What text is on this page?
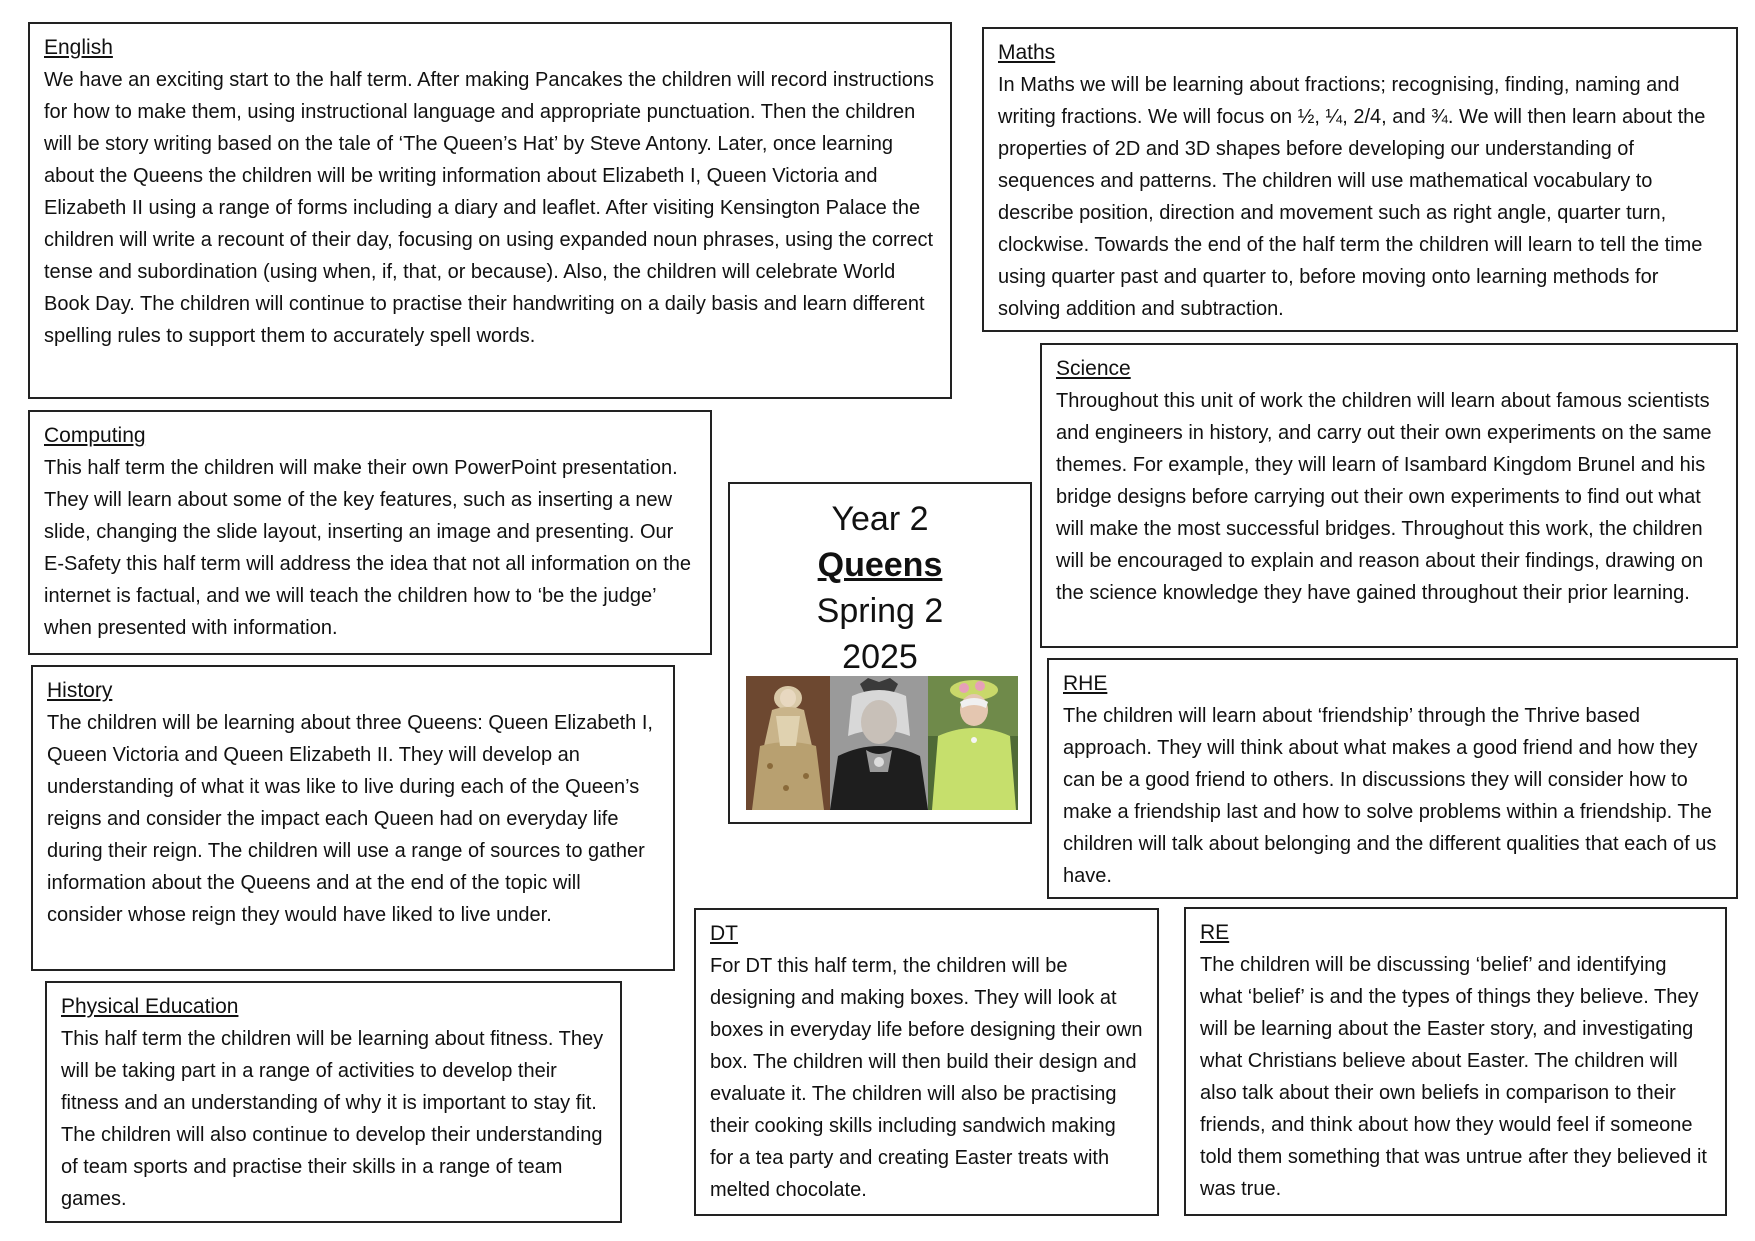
English

We have an exciting start to the half term. After making Pancakes the children will record instructions for how to make them, using instructional language and appropriate punctuation. Then the children will be story writing based on the tale of ‘The Queen’s Hat’ by Steve Antony. Later, once learning about the Queens the children will be writing information about Elizabeth I, Queen Victoria and Elizabeth II using a range of forms including a diary and leaflet. After visiting Kensington Palace the children will write a recount of their day, focusing on using expanded noun phrases, using the correct tense and subordination (using when, if, that, or because). Also, the children will celebrate World Book Day. The children will continue to practise their handwriting on a daily basis and learn different spelling rules to support them to accurately spell words.

Maths

In Maths we will be learning about fractions; recognising, finding, naming and writing fractions. We will focus on ½, ¼, 2/4, and ¾. We will then learn about the properties of 2D and 3D shapes before developing our understanding of sequences and patterns. The children will use mathematical vocabulary to describe position, direction and movement such as right angle, quarter turn, clockwise. Towards the end of the half term the children will learn to tell the time using quarter past and quarter to, before moving onto learning methods for solving addition and subtraction.

Computing

This half term the children will make their own PowerPoint presentation. They will learn about some of the key features, such as inserting a new slide, changing the slide layout, inserting an image and presenting. Our E-Safety this half term will address the idea that not all information on the internet is factual, and we will teach the children how to ‘be the judge’ when presented with information.

Science

Throughout this unit of work the children will learn about famous scientists and engineers in history, and carry out their own experiments on the same themes. For example, they will learn of Isambard Kingdom Brunel and his bridge designs before carrying out their own experiments to find out what will make the most successful bridges. Throughout this work, the children will be encouraged to explain and reason about their findings, drawing on the science knowledge they have gained throughout their prior learning.

Year 2

Queens

Spring 2

2025

History

The children will be learning about three Queens: Queen Elizabeth I, Queen Victoria and Queen Elizabeth II. They will develop an understanding of what it was like to live during each of the Queen’s reigns and consider the impact each Queen had on everyday life during their reign. The children will use a range of sources to gather information about the Queens and at the end of the topic will consider whose reign they would have liked to live under.

RHE

The children will learn about ‘friendship’ through the Thrive based approach. They will think about what makes a good friend and how they can be a good friend to others. In discussions they will consider how to make a friendship last and how to solve problems within a friendship. The children will talk about belonging and the different qualities that each of us have.

Physical Education

This half term the children will be learning about fitness. They will be taking part in a range of activities to develop their fitness and an understanding of why it is important to stay fit. The children will also continue to develop their understanding of team sports and practise their skills in a range of team games.

DT

For DT this half term, the children will be designing and making boxes. They will look at boxes in everyday life before designing their own box. The children will then build their design and evaluate it. The children will also be practising their cooking skills including sandwich making for a tea party and creating Easter treats with melted chocolate.

RE

The children will be discussing ‘belief’ and identifying what ‘belief’ is and the types of things they believe. They will be learning about the Easter story, and investigating what Christians believe about Easter. The children will also talk about their own beliefs in comparison to their friends, and think about how they would feel if someone told them something that was untrue after they believed it was true.
